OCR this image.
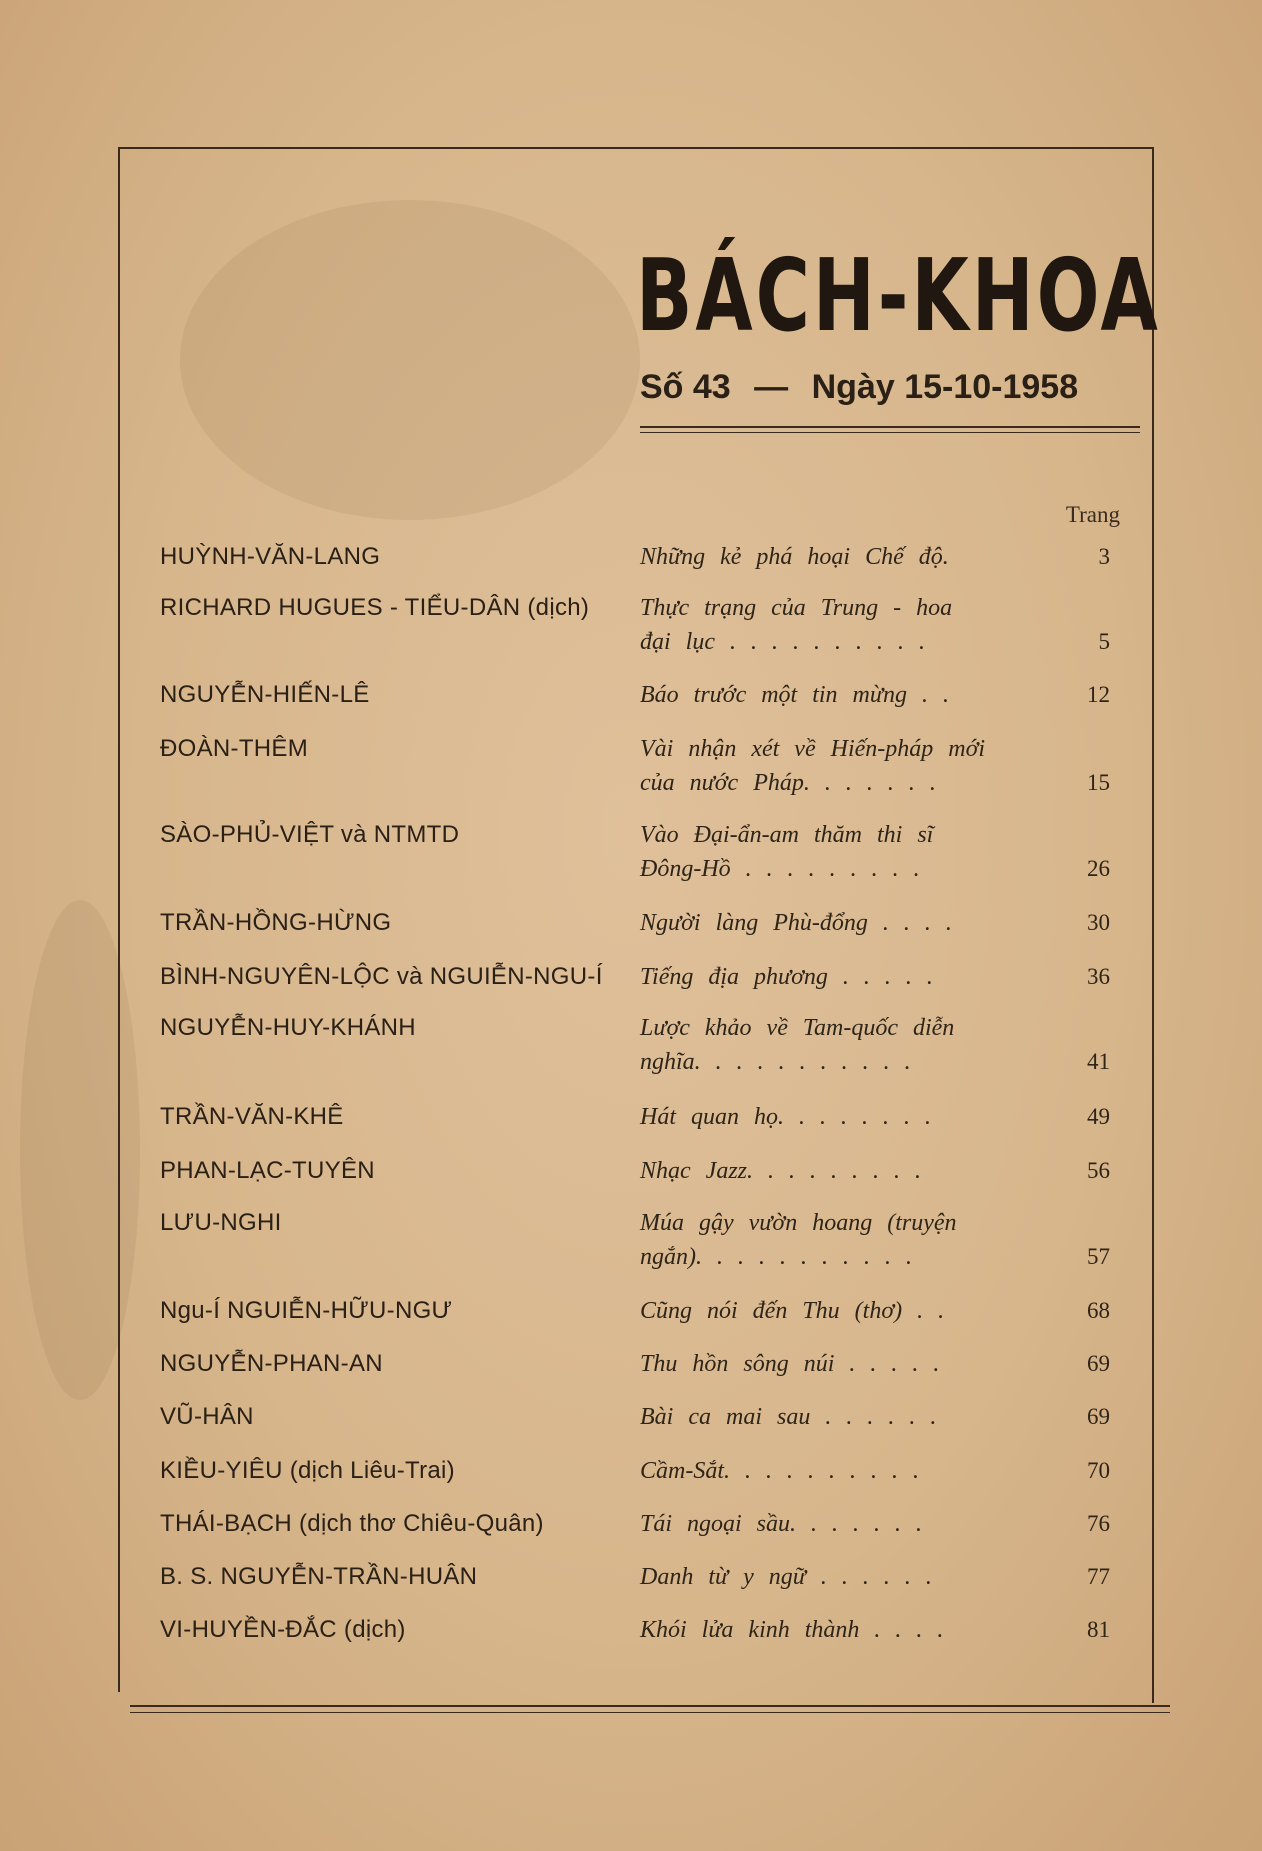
BÁCH-KHOA
Số 43 — Ngày 15-10-1958
Trang
HUỲNH-VĂN-LANG	Những kẻ phá hoại Chế độ.	3
RICHARD HUGUES - TIỂU-DÂN (dịch)	Thực trạng của Trung - hoa
đại lục . . . . . . . . . .	5
NGUYỄN-HIẾN-LÊ	Báo trước một tin mừng . .	12
ĐOÀN-THÊM	Vài nhận xét về Hiến-pháp mới
của nước Pháp. . . . . . .	15
SÀO-PHỦ-VIỆT và NTMTD	Vào Đại-ẩn-am thăm thi sĩ
Đông-Hồ . . . . . . . . .	26
TRẦN-HỒNG-HỪNG	Người làng Phù-đổng . . . .	30
BÌNH-NGUYÊN-LỘC và NGUIỄN-NGU-Í	Tiếng địa phương . . . . .	36
NGUYỄN-HUY-KHÁNH	Lược khảo về Tam-quốc diễn
nghĩa. . . . . . . . . . .	41
TRẦN-VĂN-KHÊ	Hát quan họ. . . . . . . .	49
PHAN-LẠC-TUYÊN	Nhạc Jazz. . . . . . . . .	56
LƯU-NGHI	Múa gậy vườn hoang (truyện
ngắn). . . . . . . . . . .	57
Ngu-Í NGUIỄN-HỮU-NGƯ	Cũng nói đến Thu (thơ) . .	68
NGUYỄN-PHAN-AN	Thu hồn sông núi . . . . .	69
VŨ-HÂN	Bài ca mai sau . . . . . .	69
KIỀU-YIÊU (dịch Liêu-Trai)	Cầm-Sắt. . . . . . . . . .	70
THÁI-BẠCH (dịch thơ Chiêu-Quân)	Tái ngoại sầu. . . . . . .	76
B. S. NGUYỄN-TRẦN-HUÂN	Danh từ y ngữ . . . . . .	77
VI-HUYỀN-ĐẮC (dịch)	Khói lửa kinh thành . . . .	81
